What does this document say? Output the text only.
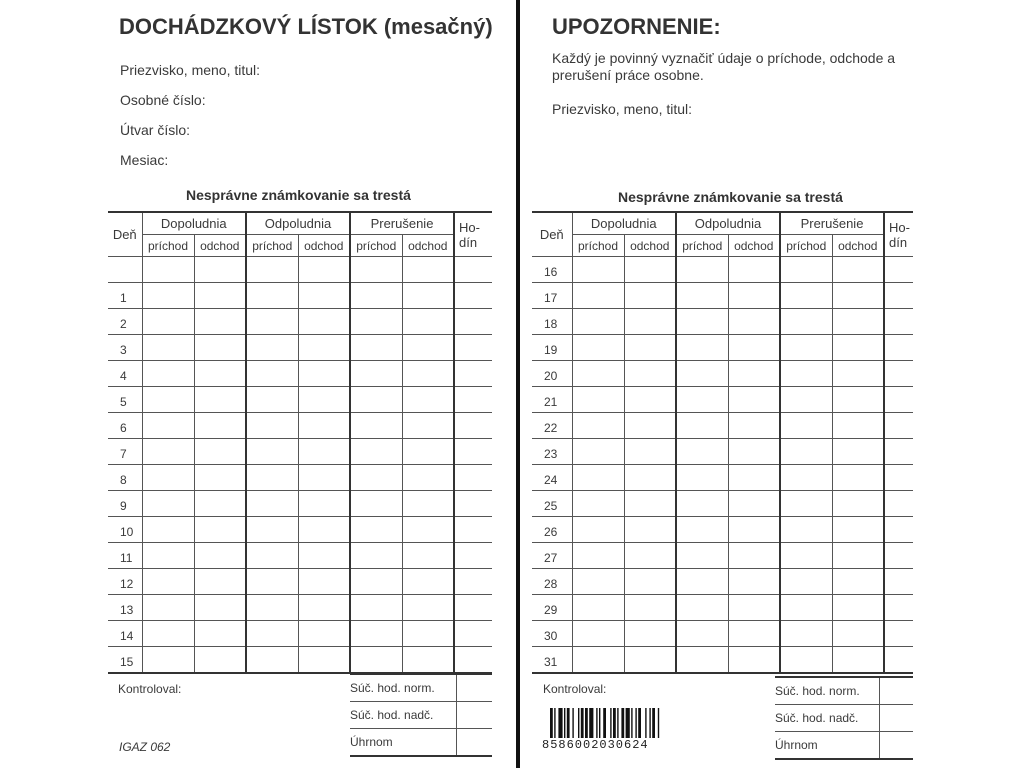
DOCHÁDZKOVÝ LÍSTOK (mesačný)
Priezvisko, meno, titul:
Osobné číslo:
Útvar číslo:
Mesiac:
Nesprávne známkovanie sa trestá
Deň	Dopoludnia		Odpoludnia		Prerušenie		Ho-
dín
	príchod	odchod	príchod	odchod	príchod	odchod	

1							
2							
3							
4							
5							
6							
7							
8							
9							
10							
11							
12							
13							
14							
15							
Kontroloval:	Súč. hod. norm.	
Súč. hod. nadč.	
Úhrnom	
IGAZ 062
UPOZORNENIE:
Každý je povinný vyznačiť údaje o príchode, odchode a prerušení práce osobne.
Priezvisko, meno, titul:
Nesprávne známkovanie sa trestá
Deň	Dopoludnia		Odpoludnia		Prerušenie		Ho-
dín
	príchod	odchod	príchod	odchod	príchod	odchod	
16							
17							
18							
19							
20							
21							
22							
23							
24							
25							
26							
27							
28							
29							
30							
31							
Kontroloval:
8586002030624
Súč. hod. norm.	
Súč. hod. nadč.	
Úhrnom	
